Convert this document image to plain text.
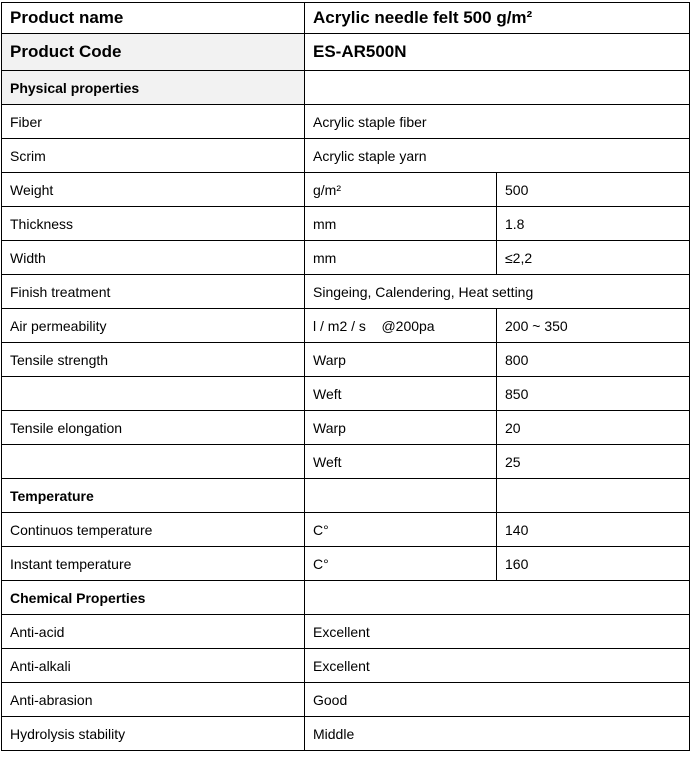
Product name	Acrylic needle felt 500 g/m²	
Product Code	ES-AR500N	
Physical properties		
Fiber	Acrylic staple fiber	
Scrim	Acrylic staple yarn	
Weight	g/m²	500
Thickness	mm	1.8
Width	mm	≤2,2
Finish treatment	Singeing, Calendering, Heat setting	
Air permeability	l / m2 / s    @200pa	200 ~ 350
Tensile strength	Warp	800
	Weft	850
Tensile elongation	Warp	20
	Weft	25
Temperature		
Continuos temperature	C°	140
Instant temperature	C°	160
Chemical Properties		
Anti-acid	Excellent	
Anti-alkali	Excellent	
Anti-abrasion	Good	
Hydrolysis stability	Middle	
